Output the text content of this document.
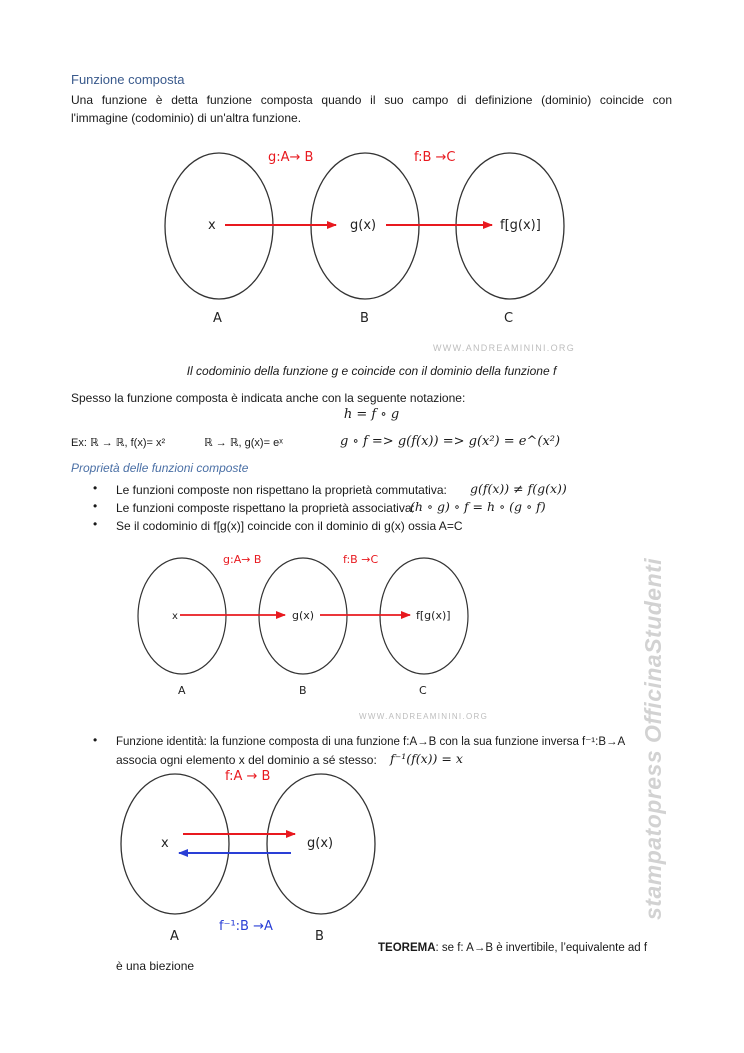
Funzione composta
Una funzione è detta funzione composta quando il suo campo di definizione (dominio) coincide con
l'immagine (codominio) di un'altra funzione.
g:A→ B	f:B →C
x	g(x)	f[g(x)]
A	B	C
WWW.ANDREAMININI.ORG
Il codominio della funzione g e coincide con il dominio della funzione f
Spesso la funzione composta è indicata anche con la seguente notazione:
h = f ∘ g
Ex: ℝ → ℝ, f(x)= x²	ℝ → ℝ, g(x)= eˣ	g ∘ f => g(f(x)) => g(x²) = e^(x²)
Proprietà delle funzioni composte
• Le funzioni composte non rispettano la proprietà commutativa: g(f(x)) ≠ f(g(x))
• Le funzioni composte rispettano la proprietà associativa:
(h ∘ g) ∘ f = h ∘ (g ∘ f)
• Se il codominio di f[g(x)] coincide con il dominio di g(x) ossia A=C
g:A→ B	f:B →C
x	g(x)	f[g(x)]
A	B	C
WWW.ANDREAMININI.ORG
• Funzione identità: la funzione composta di una funzione f:A→B con la sua funzione inversa f⁻¹:B→A
associa ogni elemento x del dominio a sé stesso: f⁻¹(f(x)) = x
f:A → B
f⁻¹:B →A
x	g(x)
A	B
TEOREMA: se f: A→B è invertibile, l’equivalente ad f
è una biezione
stampatopress OfficinaStudenti
